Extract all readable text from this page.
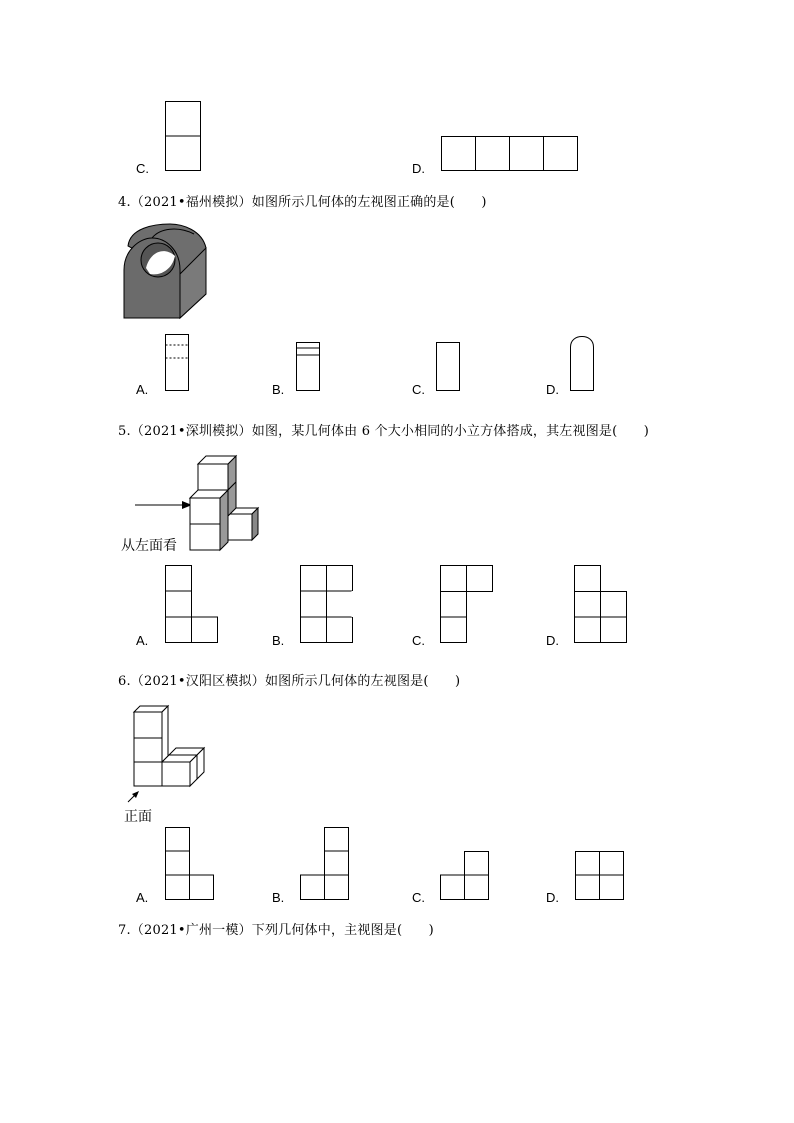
C.	D.
4.（2021•福州模拟）如图所示几何体的左视图正确的是(　　)
A.	B.	C.	D.
5.（2021•深圳模拟）如图，某几何体由 6 个大小相同的小立方体搭成，其左视图是(　　)
从左面看
A.	B.	C.	D.
6.（2021•汉阳区模拟）如图所示几何体的左视图是(　　)
正面
A.	B.	C.	D.
7.（2021•广州一模）下列几何体中，主视图是(　　)
